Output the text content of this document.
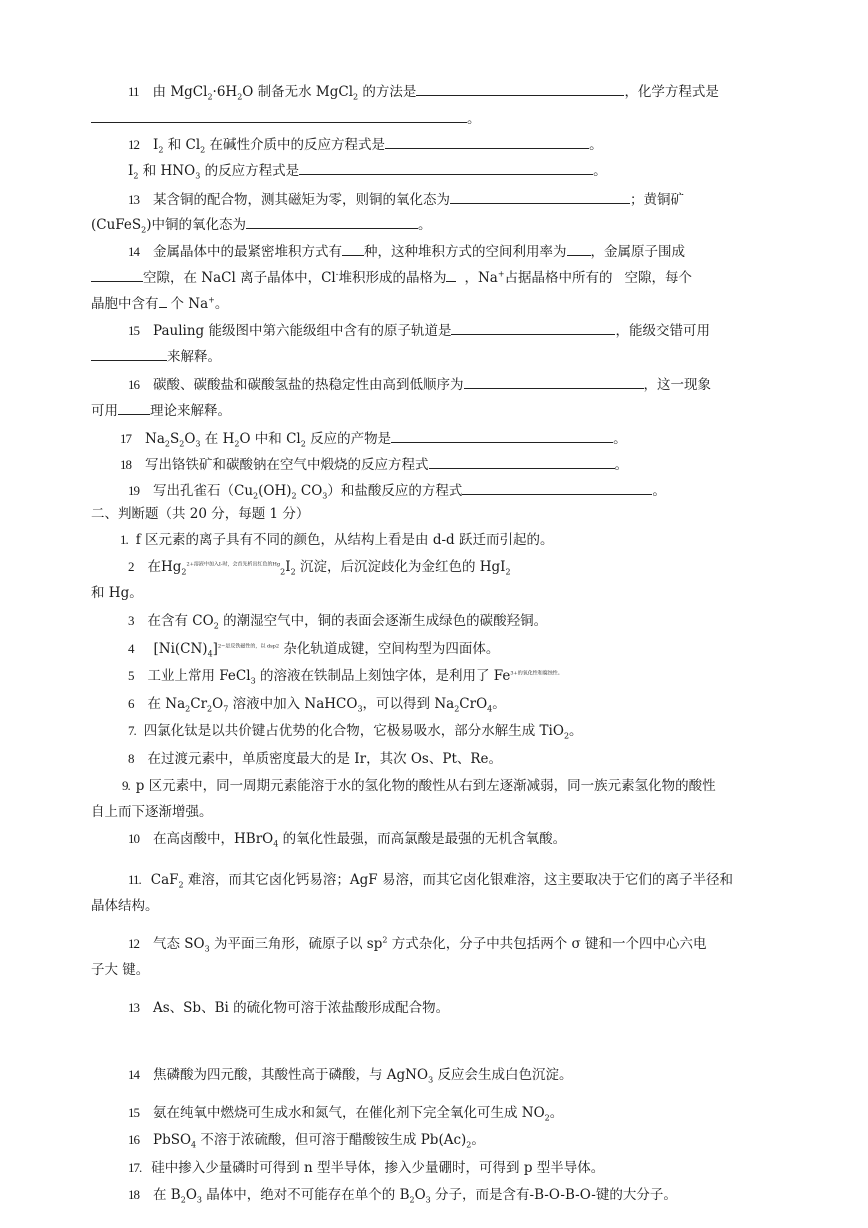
11 由 $MgCl_2\cdot 6H_2O$ 制备无水 MgCl$_2$ 的方法是	，化学方程式是
。
12 $I_2$ 和 $Cl_2$ 在碱性介质中的反应方程式是	。
$I_2$ 和 $HNO_3$ 的反应方程式是	。
13 某含铜的配合物，测其磁矩为零，则铜的氧化态为	；黄铜矿
(CuFeS$_2$)中铜的氧化态为	。
14 金属晶体中的最紧密堆积方式有 种，这种堆积方式的空间利用率为 ，金属原子围成
空隙，在 NaCl 离子晶体中，Cl-堆积形成的晶格为 ，Na+占据晶格中所有的 空隙，每个
晶胞中含有 个 Na+。
15 Pauling 能级图中第六能级组中含有的原子轨道是	，能级交错可用
来解释。
16 碳酸、碳酸盐和碳酸氢盐的热稳定性由高到低顺序为	，这一现象
可用 理论来解释。
17 $Na_2S_2O_3$ 在 $H_2O$ 中和 $Cl_2$ 反应的产物是	。
18 写出铬铁矿和碳酸钠在空气中煅烧的反应方程式	。
19 写出孔雀石（$Cu_2(OH)_2$ $CO_3$）和盐酸反应的方程式	。
二、判断题（共 20 分，每题 1 分）
1. f 区元素的离子具有不同的颜色，从结构上看是由 d-d 跃迁而引起的。
2 在$Hg_2^{2+溶液中加入I-时,会首先析出红色的Hg}_2I_2$ 沉淀，后沉淀歧化为金红色的 HgI$_2$
和 Hg。
3 在含有 $CO_2$ 的潮湿空气中，铜的表面会逐渐生成绿色的碳酸羟铜。
4 $[Ni(CN)_4]^{2-是反铁磁性的,以 dsp2}$ 杂化轨道成键，空间构型为四面体。
5 工业上常用 FeCl$_3$ 的溶液在铁制品上刻蚀字体，是利用了 $Fe^{3+的氧化性和腐蚀性。}$
6 在 $Na_2Cr_2O_7$ 溶液中加入 NaHCO$_3$，可以得到 $Na_2CrO_4$。
7. 四氯化钛是以共价键占优势的化合物，它极易吸水，部分水解生成 TiO$_2$。
8 在过渡元素中，单质密度最大的是 Ir，其次 Os、Pt、Re。
9. p 区元素中，同一周期元素能溶于水的氢化物的酸性从右到左逐渐减弱，同一族元素氢化物的酸性
自上而下逐渐增强。
10 在高卤酸中，HBrO$_4$ 的氧化性最强，而高氯酸是最强的无机含氧酸。
11. CaF$_2$ 难溶，而其它卤化钙易溶；AgF 易溶，而其它卤化银难溶，这主要取决于它们的离子半径和
晶体结构。
12 气态 $SO_3$ 为平面三角形，硫原子以 $sp^2$ 方式杂化，分子中共包括两个 σ 键和一个四中心六电
子大 键。
13 As、Sb、Bi 的硫化物可溶于浓盐酸形成配合物。
14 焦磷酸为四元酸，其酸性高于磷酸，与 AgNO$_3$ 反应会生成白色沉淀。
15 氨在纯氧中燃烧可生成水和氮气，在催化剂下完全氧化可生成 $NO_2$。
16 PbSO$_4$ 不溶于浓硫酸，但可溶于醋酸铵生成 $Pb(Ac)_2$。
17. 硅中掺入少量磷时可得到 n 型半导体，掺入少量硼时，可得到 p 型半导体。
18 在 $B_2O_3$ 晶体中，绝对不可能存在单个的 $B_2O_3$ 分子，而是含有-B-O-B-O-键的大分子。
